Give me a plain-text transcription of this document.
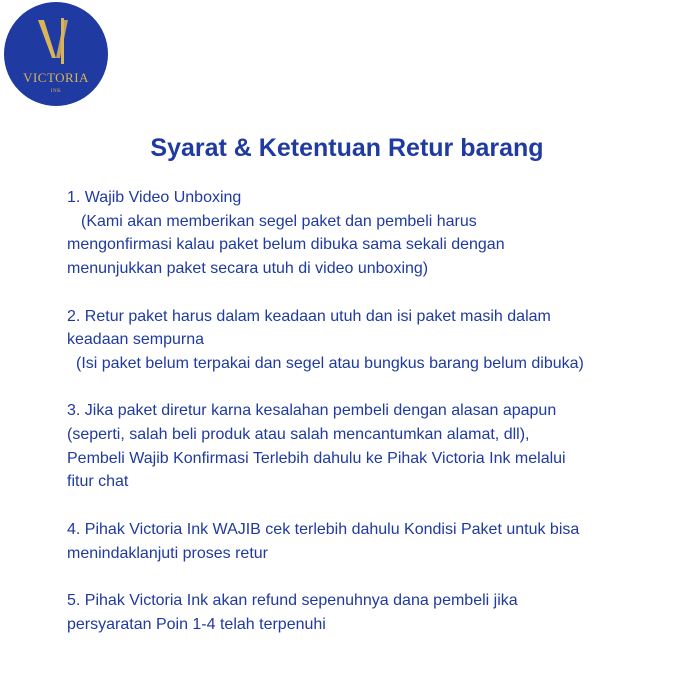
VICTORIA
INK
Syarat & Ketentuan Retur barang
1. Wajib Video Unboxing
(Kami akan memberikan segel paket dan pembeli harus
mengonfirmasi kalau paket belum dibuka sama sekali dengan
menunjukkan paket secara utuh di video unboxing)
2. Retur paket harus dalam keadaan utuh dan isi paket masih dalam
keadaan sempurna
(Isi paket belum terpakai dan segel atau bungkus barang belum dibuka)
3. Jika paket diretur karna kesalahan pembeli dengan alasan apapun
(seperti, salah beli produk atau salah mencantumkan alamat, dll),
Pembeli Wajib Konfirmasi Terlebih dahulu ke Pihak Victoria Ink melalui
fitur chat
4. Pihak Victoria Ink WAJIB cek terlebih dahulu Kondisi Paket untuk bisa
menindaklanjuti proses retur
5. Pihak Victoria Ink akan refund sepenuhnya dana pembeli jika
persyaratan Poin 1-4 telah terpenuhi
